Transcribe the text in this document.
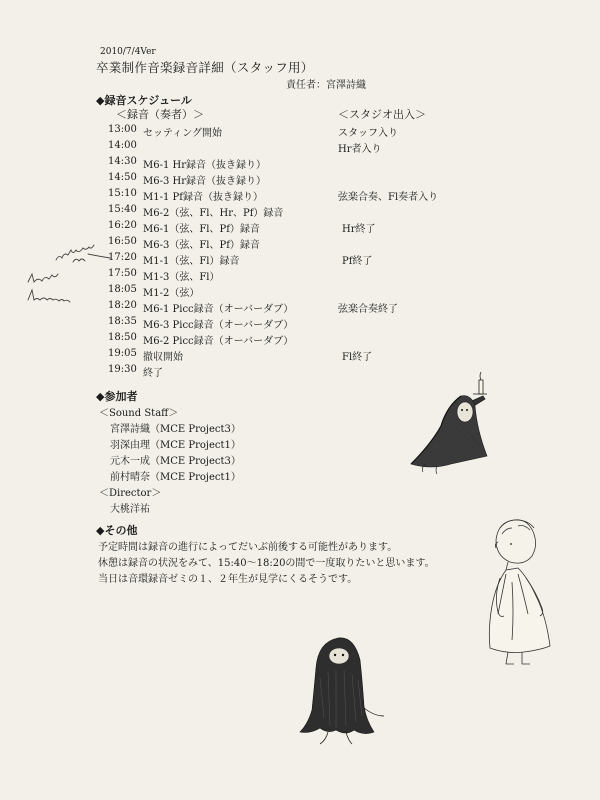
2010/7/4Ver
卒業制作音楽録音詳細（スタッフ用）
責任者：宮澤詩織
◆録音スケジュール
＜録音（奏者）＞	＜スタジオ出入＞
13:00 セッティング開始	スタッフ入り
14:00	Hr者入り
14:30 M6-1 Hr録音（抜き録り）
14:50 M6-3 Hr録音（抜き録り）
15:10 M1-1 Pf録音（抜き録り）	弦楽合奏、Fl奏者入り
15:40 M6-2（弦、Fl、Hr、Pf）録音
16:20 M6-1（弦、Fl、Pf）録音	Hr終了
16:50 M6-3（弦、Fl、Pf）録音
17:20 M1-1（弦、Fl）録音	Pf終了
17:50 M1-3（弦、Fl）
18:05 M1-2（弦）
18:20 M6-1 Picc録音（オーバーダブ）	弦楽合奏終了
18:35 M6-3 Picc録音（オーバーダブ）
18:50 M6-2 Picc録音（オーバーダブ）
19:05 撤収開始	Fl終了
19:30 終了
◆参加者
＜Sound Staff＞
宮澤詩織（MCE Project3）
羽深由理（MCE Project1）
元木一成（MCE Project3）
前村晴奈（MCE Project1）
＜Director＞
大桃洋祐
◆その他
予定時間は録音の進行によってだいぶ前後する可能性があります。
休憩は録音の状況をみて、15:40～18:20の間で一度取りたいと思います。
当日は音環録音ゼミの１、２年生が見学にくるそうです。
